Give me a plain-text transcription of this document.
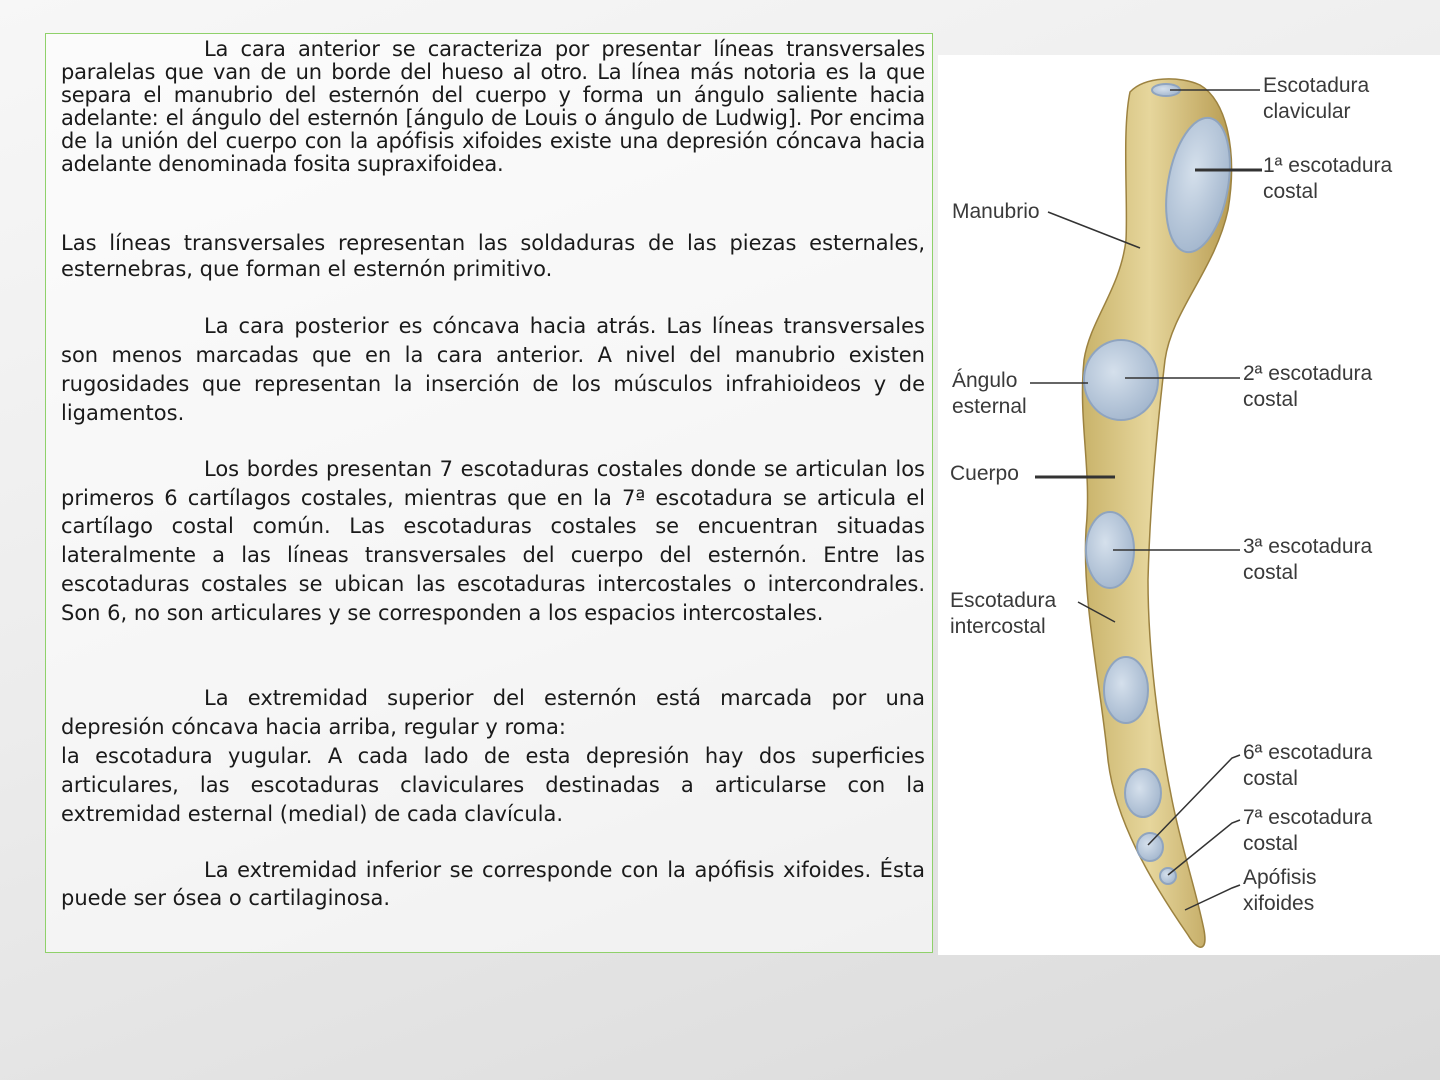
La cara anterior se caracteriza por presentar líneas transversales paralelas que van de un borde del hueso al otro. La línea más notoria es la que separa el manubrio del esternón del cuerpo y forma un ángulo saliente hacia adelante: el ángulo del esternón [ángulo de Louis o ángulo de Ludwig]. Por encima de la unión del cuerpo con la apófisis xifoides existe una depresión cóncava hacia adelante denominada fosita supraxifoidea.

Las líneas transversales representan las soldaduras de las piezas esternales, esternebras, que forman el esternón primitivo.

La cara posterior es cóncava hacia atrás. Las líneas transversales son menos marcadas que en la cara anterior. A nivel del manubrio existen rugosidades que representan la inserción de los músculos infrahioideos y de ligamentos.

Los bordes presentan 7 escotaduras costales donde se articulan los primeros 6 cartílagos costales, mientras que en la 7ª escotadura se articula el cartílago costal común. Las escotaduras costales se encuentran situadas lateralmente a las líneas transversales del cuerpo del esternón. Entre las escotaduras costales se ubican las escotaduras intercostales o intercondrales. Son 6, no son articulares y se corresponden a los espacios intercostales.

La extremidad superior del esternón está marcada por una depresión cóncava hacia arriba, regular y roma:

la escotadura yugular. A cada lado de esta depresión hay dos superficies articulares, las escotaduras claviculares destinadas a articularse con la extremidad esternal (medial) de cada clavícula.

La extremidad inferior se corresponde con la apófisis xifoides. Ésta puede ser ósea o cartilaginosa.

Escotadura
clavicular
1ª escotadura
costal
Manubrio
Ángulo
esternal
2ª escotadura
costal
Cuerpo
3ª escotadura
costal
Escotadura
intercostal
6ª escotadura
costal
7ª escotadura
costal
Apófisis
xifoides
